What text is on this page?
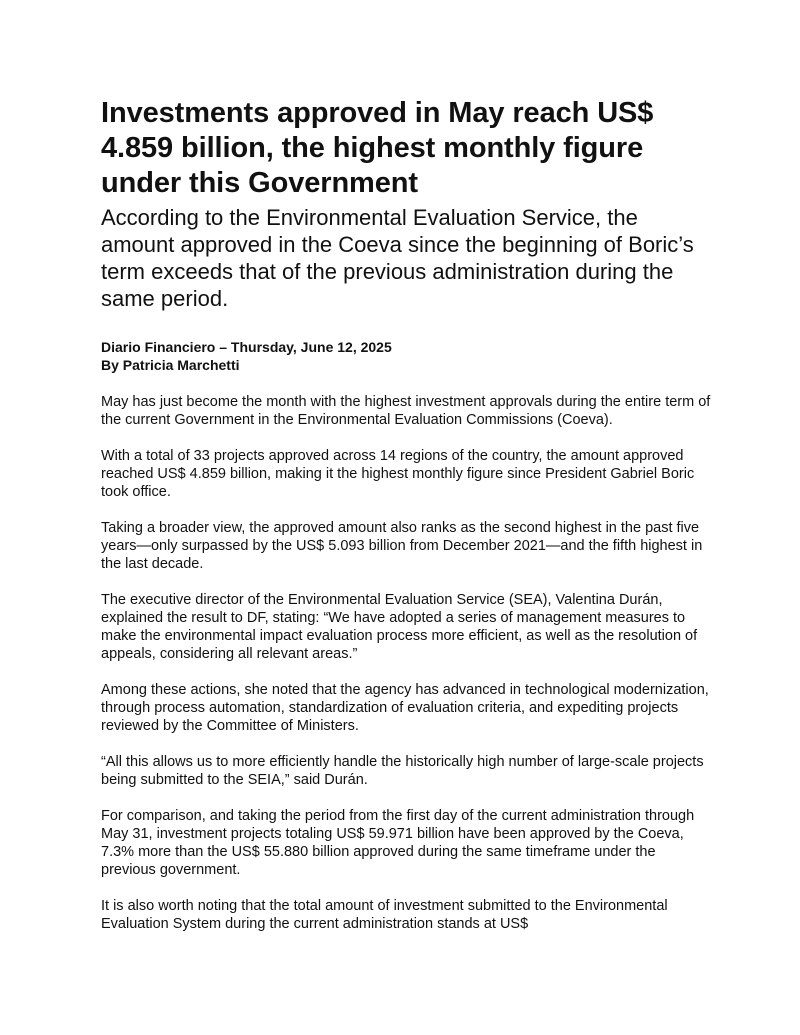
Investments approved in May reach US$ 4.859 billion, the highest monthly figure under this Government
According to the Environmental Evaluation Service, the amount approved in the Coeva since the beginning of Boric’s term exceeds that of the previous administration during the same period.
Diario Financiero – Thursday, June 12, 2025
By Patricia Marchetti

May has just become the month with the highest investment approvals during the entire term of the current Government in the Environmental Evaluation Commissions (Coeva).

With a total of 33 projects approved across 14 regions of the country, the amount approved reached US$ 4.859 billion, making it the highest monthly figure since President Gabriel Boric took office.

Taking a broader view, the approved amount also ranks as the second highest in the past five years—only surpassed by the US$ 5.093 billion from December 2021—and the fifth highest in the last decade.

The executive director of the Environmental Evaluation Service (SEA), Valentina Durán, explained the result to DF, stating: “We have adopted a series of management measures to make the environmental impact evaluation process more efficient, as well as the resolution of appeals, considering all relevant areas.”

Among these actions, she noted that the agency has advanced in technological modernization, through process automation, standardization of evaluation criteria, and expediting projects reviewed by the Committee of Ministers.

“All this allows us to more efficiently handle the historically high number of large-scale projects being submitted to the SEIA,” said Durán.

For comparison, and taking the period from the first day of the current administration through May 31, investment projects totaling US$ 59.971 billion have been approved by the Coeva, 7.3% more than the US$ 55.880 billion approved during the same timeframe under the previous government.

It is also worth noting that the total amount of investment submitted to the Environmental Evaluation System during the current administration stands at US$
